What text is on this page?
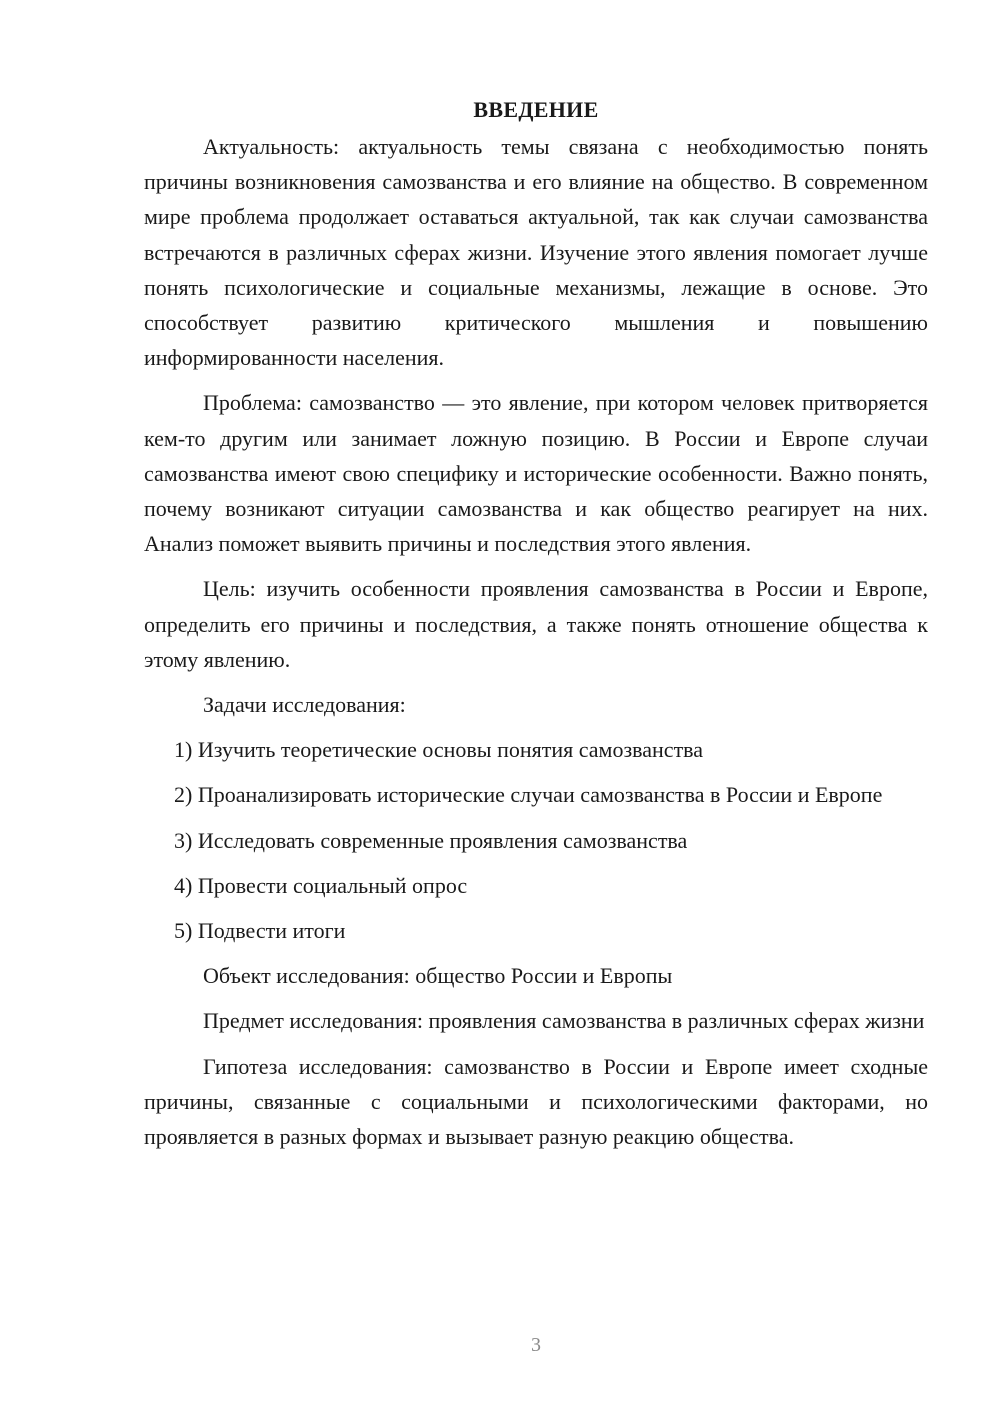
ВВЕДЕНИЕ

Актуальность: актуальность темы связана с необходимостью понять причины возникновения самозванства и его влияние на общество. В современном мире проблема продолжает оставаться актуальной, так как случаи самозванства встречаются в различных сферах жизни. Изучение этого явления помогает лучше понять психологические и социальные механизмы, лежащие в основе. Это способствует развитию критического мышления и повышению информированности населения.

Проблема: самозванство — это явление, при котором человек притворяется кем-то другим или занимает ложную позицию. В России и Европе случаи самозванства имеют свою специфику и исторические особенности. Важно понять, почему возникают ситуации самозванства и как общество реагирует на них. Анализ поможет выявить причины и последствия этого явления.

Цель: изучить особенности проявления самозванства в России и Европе, определить его причины и последствия, а также понять отношение общества к этому явлению.

Задачи исследования:

1) Изучить теоретические основы понятия самозванства

2) Проанализировать исторические случаи самозванства в России и Европе

3) Исследовать современные проявления самозванства

4) Провести социальный опрос

5) Подвести итоги

Объект исследования: общество России и Европы

Предмет исследования: проявления самозванства в различных сферах жизни

Гипотеза исследования: самозванство в России и Европе имеет сходные причины, связанные с социальными и психологическими факторами, но проявляется в разных формах и вызывает разную реакцию общества.

3
